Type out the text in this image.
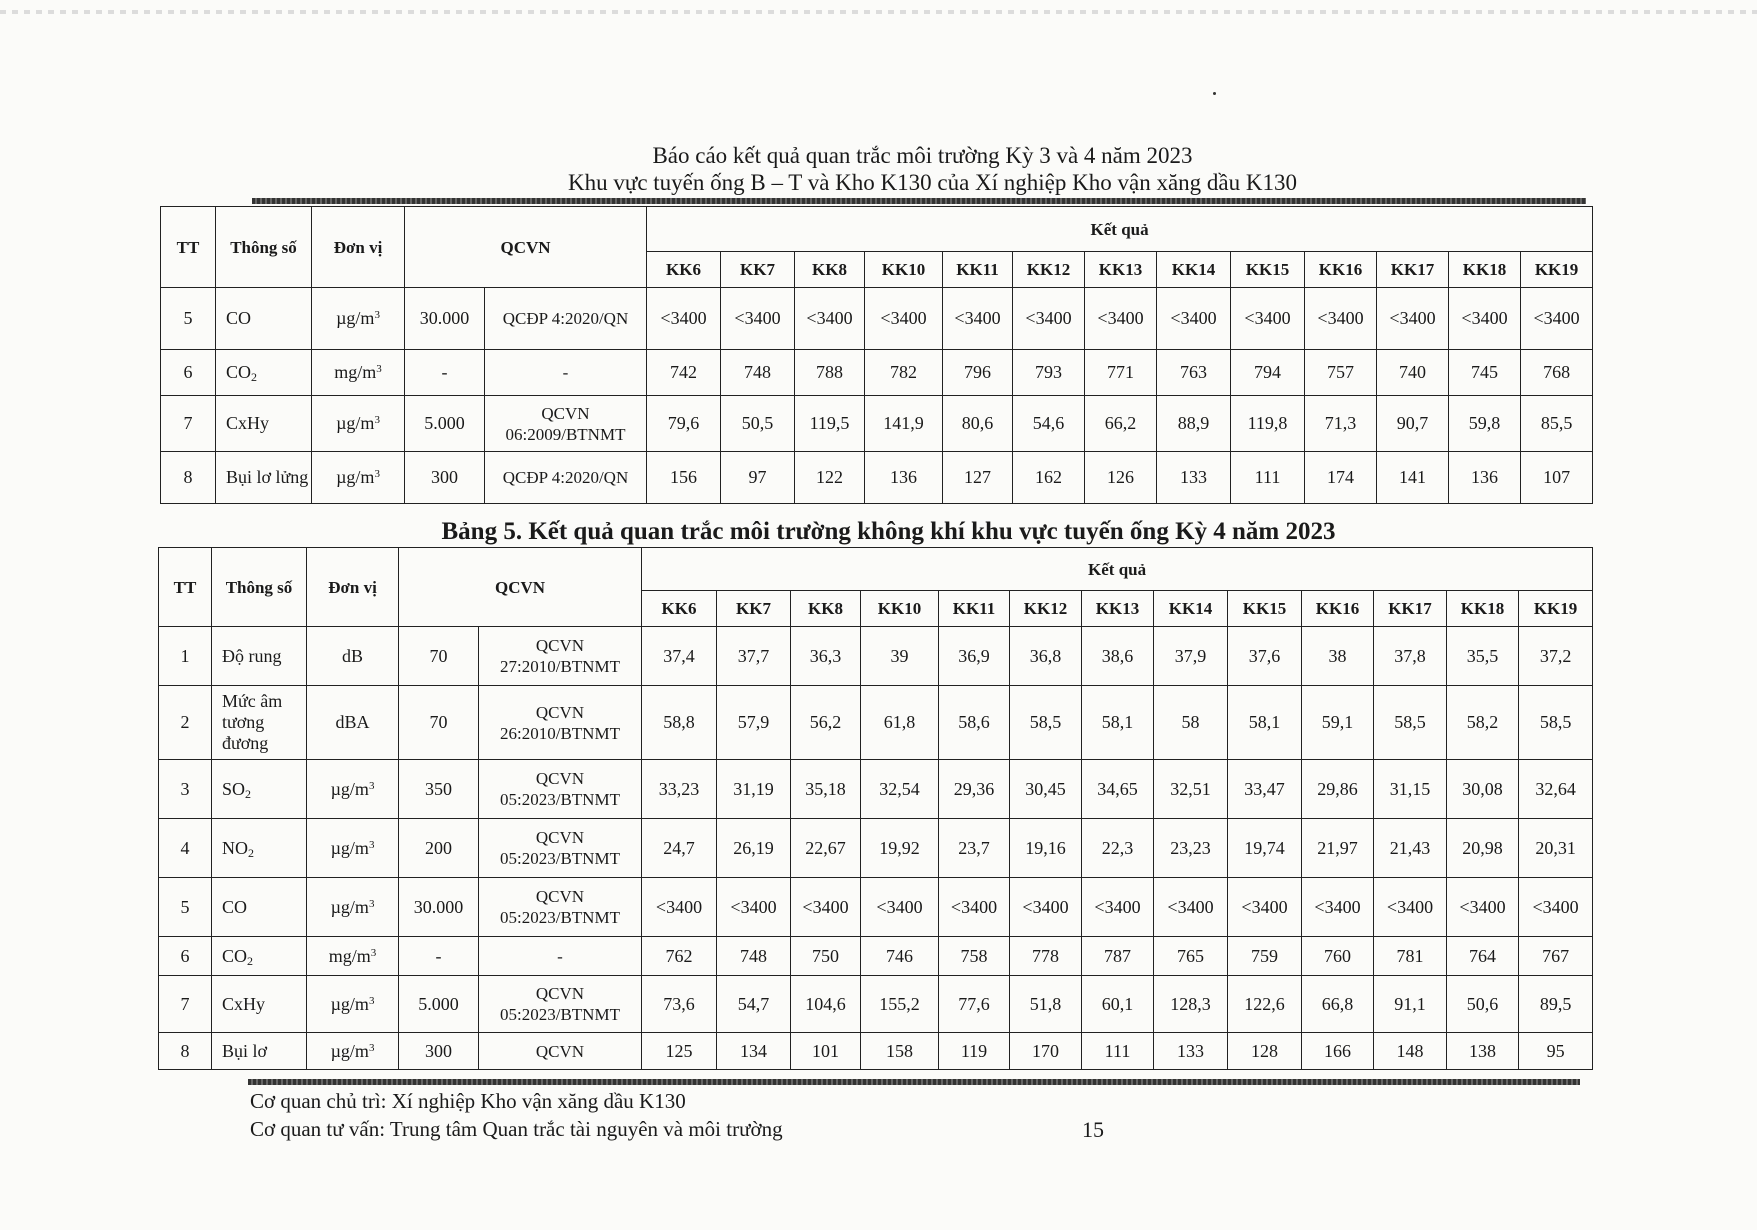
Báo cáo kết quả quan trắc môi trường Kỳ 3 và 4 năm 2023
Khu vực tuyến ống B – T và Kho K130 của Xí nghiệp Kho vận xăng dầu K130
TT	Thông số	Đơn vị	QCVN		Kết quả												
					KK6	KK7	KK8	KK10	KK11	KK12	KK13	KK14	KK15	KK16	KK17	KK18	KK19
5	CO	$\mu g/m^3$	30.000	QCĐP 4:2020/QN	<3400	<3400	<3400	<3400	<3400	<3400	<3400	<3400	<3400	<3400	<3400	<3400	<3400
6	$CO_2$	$mg/m^3$	-	-	742	748	788	782	796	793	771	763	794	757	740	745	768
7	CxHy	$\mu g/m^3$	5.000	QCVN 06:2009/BTNMT	79,6	50,5	119,5	141,9	80,6	54,6	66,2	88,9	119,8	71,3	90,7	59,8	85,5
8	Bụi lơ lửng	$\mu g/m^3$	300	QCĐP 4:2020/QN	156	97	122	136	127	162	126	133	111	174	141	136	107
Bảng 5. Kết quả quan trắc môi trường không khí khu vực tuyến ống Kỳ 4 năm 2023
TT	Thông số	Đơn vị	QCVN		Kết quả												
					KK6	KK7	KK8	KK10	KK11	KK12	KK13	KK14	KK15	KK16	KK17	KK18	KK19
1	Độ rung	dB	70	QCVN 27:2010/BTNMT	37,4	37,7	36,3	39	36,9	36,8	38,6	37,9	37,6	38	37,8	35,5	37,2
2	Mức âm tương đương	dBA	70	QCVN 26:2010/BTNMT	58,8	57,9	56,2	61,8	58,6	58,5	58,1	58	58,1	59,1	58,5	58,2	58,5
3	$SO_2$	$\mu g/m^3$	350	QCVN 05:2023/BTNMT	33,23	31,19	35,18	32,54	29,36	30,45	34,65	32,51	33,47	29,86	31,15	30,08	32,64
4	$NO_2$	$\mu g/m^3$	200	QCVN 05:2023/BTNMT	24,7	26,19	22,67	19,92	23,7	19,16	22,3	23,23	19,74	21,97	21,43	20,98	20,31
5	CO	$\mu g/m^3$	30.000	QCVN 05:2023/BTNMT	<3400	<3400	<3400	<3400	<3400	<3400	<3400	<3400	<3400	<3400	<3400	<3400	<3400
6	$CO_2$	$mg/m^3$	-	-	762	748	750	746	758	778	787	765	759	760	781	764	767
7	CxHy	$\mu g/m^3$	5.000	QCVN 05:2023/BTNMT	73,6	54,7	104,6	155,2	77,6	51,8	60,1	128,3	122,6	66,8	91,1	50,6	89,5
8	Bụi lơ	$\mu g/m^3$	300	QCVN	125	134	101	158	119	170	111	133	128	166	148	138	95
Cơ quan chủ trì: Xí nghiệp Kho vận xăng dầu K130
Cơ quan tư vấn: Trung tâm Quan trắc tài nguyên và môi trường	15
